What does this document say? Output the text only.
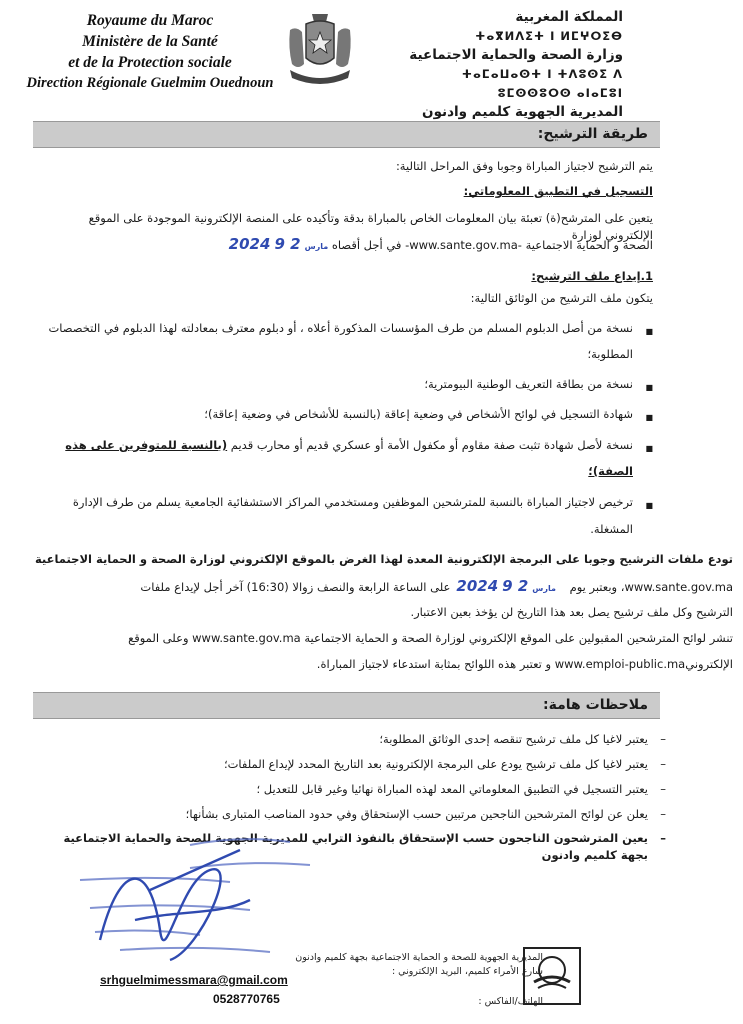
Royaume du Maroc
Ministère de la Santé
et de la Protection sociale
Direction Régionale Guelmim Ouednoun
المملكة المغربية
ⵜⴰⴳⵍⴷⵉⵜ ⵏ ⵍⵎⵖⵔⵉⴱ
وزارة الصحة والحماية الاجتماعية
ⵜⴰⵎⴰⵡⴰⵙⵜ ⵏ ⵜⴷⵓⵙⵉ ⴷ ⵓⵎⵙⵙⵓⵔⵙ ⴰⵏⴰⵎⵓⵏ
المديرية الجهوية كلميم وادنون
طريقة الترشيح:
يتم الترشيح لاجتياز المباراة وجوبا وفق المراحل التالية:
التسجيل في التطبيق المعلوماتي:
يتعين على المترشح(ة) تعبئة بيان المعلومات الخاص بالمباراة بدقة وتأكيده على المنصة الإلكترونية الموجودة على الموقع الإلكتروني لوزارة
الصحة و الحماية الاجتماعية -www.sante.gov.ma- في أجل أقصاه 2024	مارس 2 9
1.إيداع ملف الترشيح:
يتكون ملف الترشيح من الوثائق التالية:
■ نسخة من أصل الدبلوم المسلم من طرف المؤسسات المذكورة أعلاه ، أو دبلوم معترف بمعادلته لهذا الدبلوم في التخصصات
المطلوبة؛
■ نسخة من بطاقة التعريف الوطنية البيومترية؛
■ شهادة التسجيل في لوائح الأشخاص في وضعية إعاقة (بالنسبة للأشخاص في وضعية إعاقة)؛
■ نسخة لأصل شهادة تثبت صفة مقاوم أو مكفول الأمة أو عسكري قديم أو محارب قديم (بالنسبة للمتوفرين على هذه
الصفة)؛
■ ترخيص لاجتياز المباراة بالنسبة للمترشحين الموظفين ومستخدمي المراكز الاستشفائية الجامعية يسلم من طرف الإدارة
المشغلة.
تودع ملفات الترشيح وجوبا على البرمجة الإلكترونية المعدة لهذا الغرض بالموقع الإلكتروني لوزارة الصحة و الحماية الاجتماعية
www.sante.gov.ma، وبعتبر يوم 2024	مارس 2 9 على الساعة الرابعة والنصف زوالا (16:30) آخر أجل لإيداع ملفات
الترشيح وكل ملف ترشيح يصل بعد هذا التاريخ لن يؤخذ بعين الاعتبار.
تنشر لوائح المترشحين المقبولين على الموقع الإلكتروني لوزارة الصحة و الحماية الاجتماعية www.sante.gov.ma وعلى الموقع
الإلكترونيwww.emploi-public.ma و تعتبر هذه اللوائح بمثابة استدعاء لاجتياز المباراة.
ملاحظات هامة:
– يعتبر لاغيا كل ملف ترشيح تنقصه إحدى الوثائق المطلوبة؛
– يعتبر لاغيا كل ملف ترشيح يودع على البرمجة الإلكترونية بعد التاريخ المحدد لإيداع الملفات؛
– يعتبر التسجيل في التطبيق المعلوماتي المعد لهذه المباراة نهائيا وغير قابل للتعديل ؛
– يعلن عن لوائح المترشحين الناجحين مرتبين حسب الإستحقاق وفي حدود المناصب المتبارى بشأنها؛
– يعين المترشحون الناجحون حسب الإستحقاق بالنفوذ الترابي للمديرية الجهوية للصحة والحماية الاجتماعية بجهة كلميم وادنون
المديرية الجهوية للصحة و الحماية الاجتماعية بجهة كلميم وادنون
شارع الأمراء كلميم، البريد الإلكتروني :
الهاتف/الفاكس :
srhguelmimessmara@gmail.com
0528770765
